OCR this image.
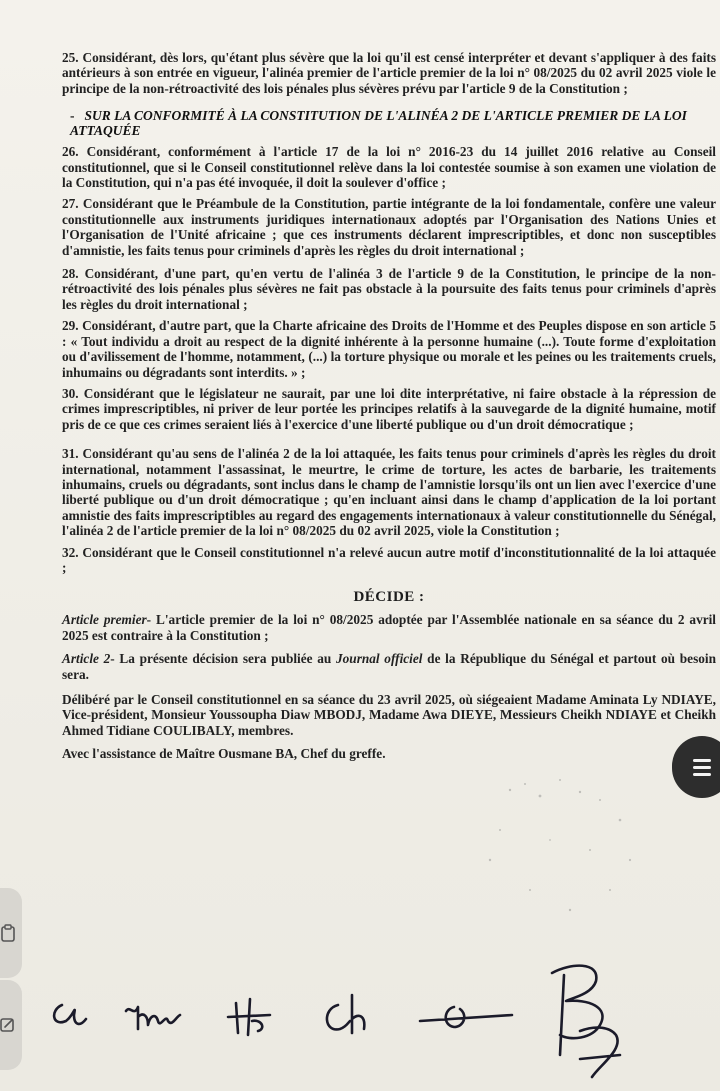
25. Considérant, dès lors, qu'étant plus sévère que la loi qu'il est censé interpréter et devant s'appliquer à des faits antérieurs à son entrée en vigueur, l'alinéa premier de l'article premier de la loi n° 08/2025 du 02 avril 2025 viole le principe de la non-rétroactivité des lois pénales plus sévères prévu par l'article 9 de la Constitution ;

- SUR LA CONFORMITÉ À LA CONSTITUTION DE L'ALINÉA 2 DE L'ARTICLE PREMIER DE LA LOI ATTAQUÉE

26. Considérant, conformément à l'article 17 de la loi n° 2016-23 du 14 juillet 2016 relative au Conseil constitutionnel, que si le Conseil constitutionnel relève dans la loi contestée soumise à son examen une violation de la Constitution, qui n'a pas été invoquée, il doit la soulever d'office ;

27. Considérant que le Préambule de la Constitution, partie intégrante de la loi fondamentale, confère une valeur constitutionnelle aux instruments juridiques internationaux adoptés par l'Organisation des Nations Unies et l'Organisation de l'Unité africaine ; que ces instruments déclarent imprescriptibles, et donc non susceptibles d'amnistie, les faits tenus pour criminels d'après les règles du droit international ;

28. Considérant, d'une part, qu'en vertu de l'alinéa 3 de l'article 9 de la Constitution, le principe de la non-rétroactivité des lois pénales plus sévères ne fait pas obstacle à la poursuite des faits tenus pour criminels d'après les règles du droit international ;

29. Considérant, d'autre part, que la Charte africaine des Droits de l'Homme et des Peuples dispose en son article 5 : « Tout individu a droit au respect de la dignité inhérente à la personne humaine (...). Toute forme d'exploitation ou d'avilissement de l'homme, notamment, (...) la torture physique ou morale et les peines ou les traitements cruels, inhumains ou dégradants sont interdits. » ;

30. Considérant que le législateur ne saurait, par une loi dite interprétative, ni faire obstacle à la répression de crimes imprescriptibles, ni priver de leur portée les principes relatifs à la sauvegarde de la dignité humaine, motif pris de ce que ces crimes seraient liés à l'exercice d'une liberté publique ou d'un droit démocratique ;

31. Considérant qu'au sens de l'alinéa 2 de la loi attaquée, les faits tenus pour criminels d'après les règles du droit international, notamment l'assassinat, le meurtre, le crime de torture, les actes de barbarie, les traitements inhumains, cruels ou dégradants, sont inclus dans le champ de l'amnistie lorsqu'ils ont un lien avec l'exercice d'une liberté publique ou d'un droit démocratique ; qu'en incluant ainsi dans le champ d'application de la loi portant amnistie des faits imprescriptibles au regard des engagements internationaux à valeur constitutionnelle du Sénégal, l'alinéa 2 de l'article premier de la loi n° 08/2025 du 02 avril 2025, viole la Constitution ;

32. Considérant que le Conseil constitutionnel n'a relevé aucun autre motif d'inconstitutionnalité de la loi attaquée ;

DÉCIDE :

Article premier- L'article premier de la loi n° 08/2025 adoptée par l'Assemblée nationale en sa séance du 2 avril 2025 est contraire à la Constitution ;

Article 2- La présente décision sera publiée au Journal officiel de la République du Sénégal et partout où besoin sera.

Délibéré par le Conseil constitutionnel en sa séance du 23 avril 2025, où siégeaient Madame Aminata Ly NDIAYE, Vice-président, Monsieur Youssoupha Diaw MBODJ, Madame Awa DIEYE, Messieurs Cheikh NDIAYE et Cheikh Ahmed Tidiane COULIBALY, membres.

Avec l'assistance de Maître Ousmane BA, Chef du greffe.
